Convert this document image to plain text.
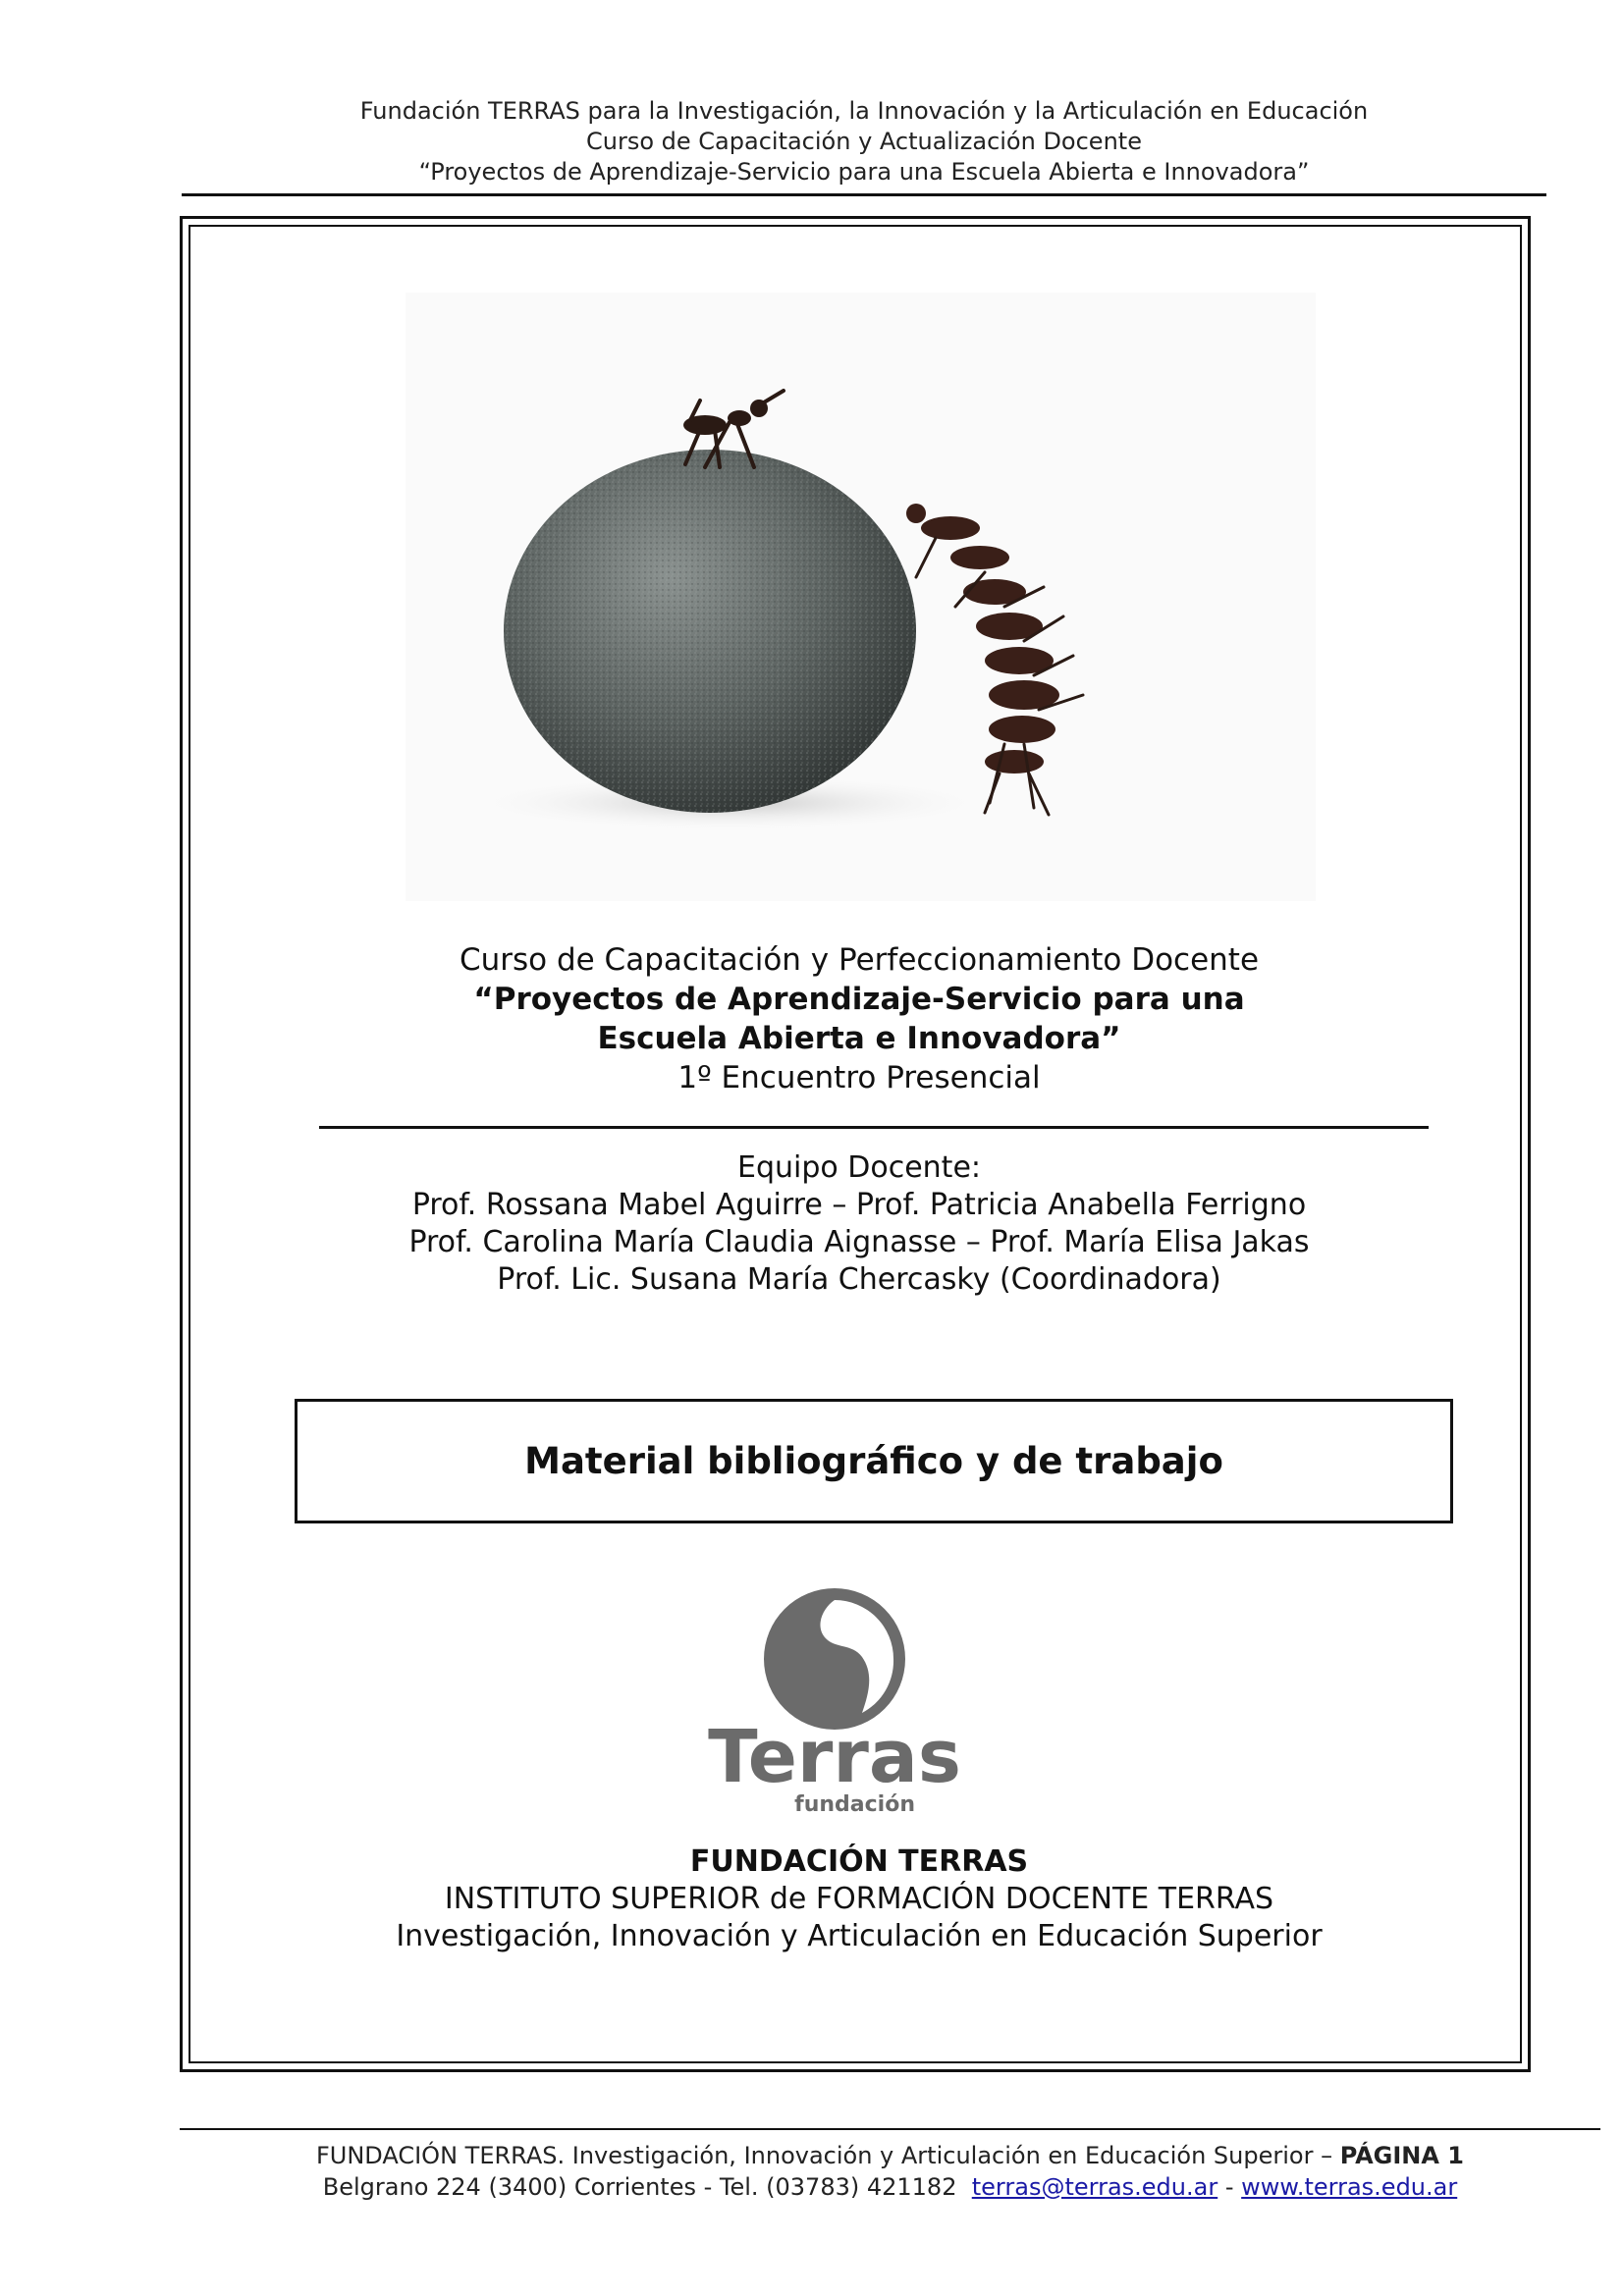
Fundación TERRAS para la Investigación, la Innovación y la Articulación en Educación
Curso de Capacitación y Actualización Docente
“Proyectos de Aprendizaje-Servicio para una Escuela Abierta e Innovadora”
Curso de Capacitación y Perfeccionamiento Docente
“Proyectos de Aprendizaje-Servicio para una
Escuela Abierta e Innovadora”
1º Encuentro Presencial
Equipo Docente:
Prof. Rossana Mabel Aguirre – Prof. Patricia Anabella Ferrigno
Prof. Carolina María Claudia Aignasse – Prof. María Elisa Jakas
Prof. Lic. Susana María Chercasky (Coordinadora)
Material bibliográfico y de trabajo
Terras
fundación
FUNDACIÓN TERRAS
INSTITUTO SUPERIOR de FORMACIÓN DOCENTE TERRAS
Investigación, Innovación y Articulación en Educación Superior
FUNDACIÓN TERRAS. Investigación, Innovación y Articulación en Educación Superior – PÁGINA 1
Belgrano 224 (3400) Corrientes - Tel. (03783) 421182 terras@terras.edu.ar - www.terras.edu.ar
